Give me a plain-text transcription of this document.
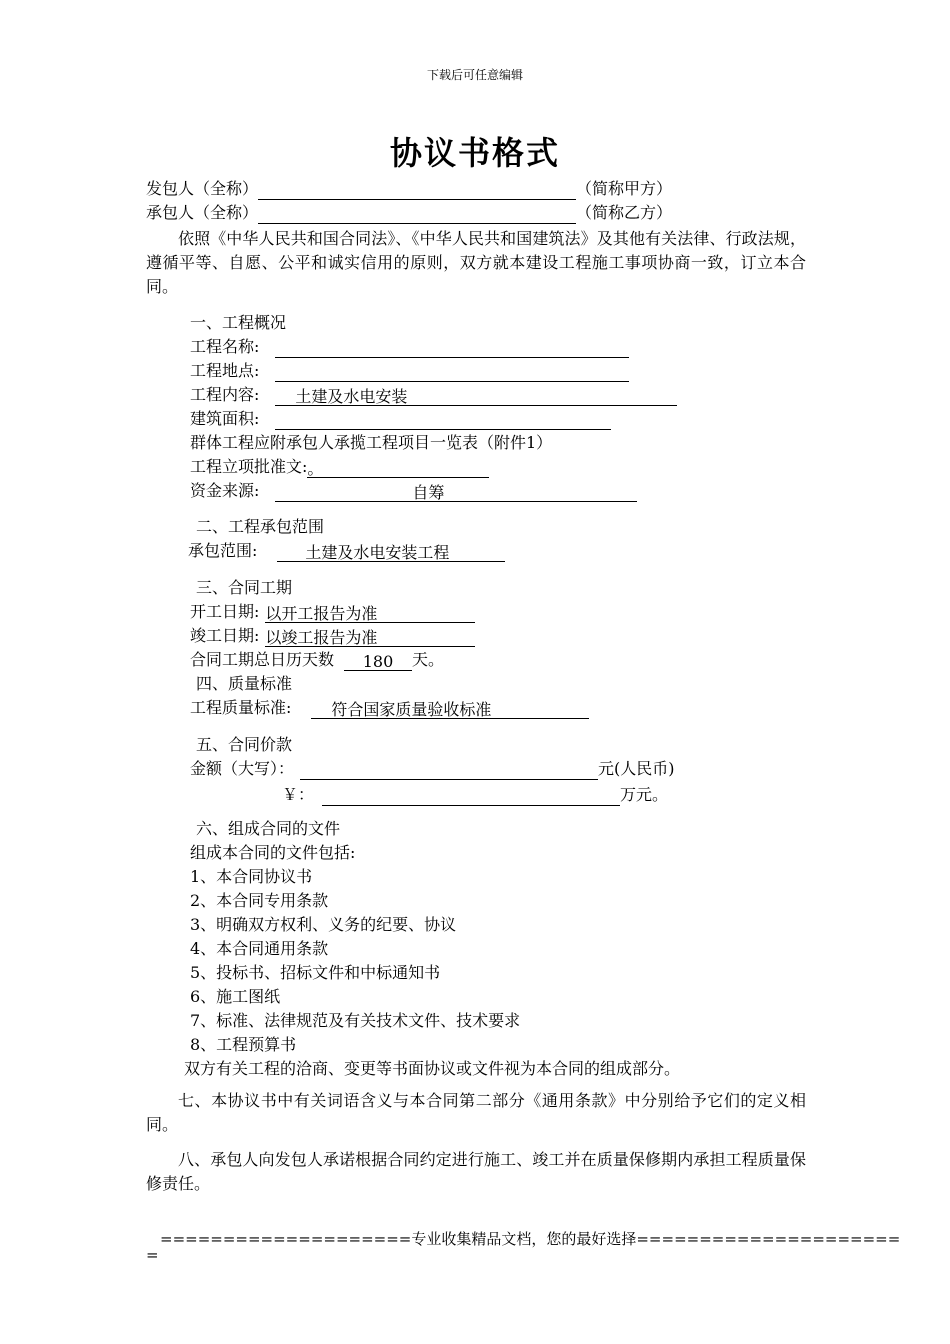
下载后可任意编辑
协议书格式
发包人（全称）	（简称甲方）
承包人（全称）	（简称乙方）
依照《中华人民共和国合同法》、《中华人民共和国建筑法》及其他有关法律、行政法规，遵循平等、自愿、公平和诚实信用的原则，双方就本建设工程施工事项协商一致，订立本合同。
一、工程概况
工程名称:
工程地点:
工程内容: 土建及水电安装
建筑面积:
群体工程应附承包人承揽工程项目一览表（附件1）
工程立项批准文:。
资金来源:	自筹
二、工程承包范围
承包范围:	土建及水电安装工程
三、合同工期
开工日期: 以开工报告为准
竣工日期: 以竣工报告为准
合同工期总日历天数 180 天。
四、质量标准
工程质量标准:	符合国家质量验收标准
五、合同价款
金额（大写）：	元(人民币)
￥：	万元。
六、组成合同的文件
组成本合同的文件包括:
1、本合同协议书
2、本合同专用条款
3、明确双方权利、义务的纪要、协议
4、本合同通用条款
5、投标书、招标文件和中标通知书
6、施工图纸
7、标准、法律规范及有关技术文件、技术要求
8、工程预算书
双方有关工程的洽商、变更等书面协议或文件视为本合同的组成部分。
七、本协议书中有关词语含义与本合同第二部分《通用条款》中分别给予它们的定义相同。
八、承包人向发包人承诺根据合同约定进行施工、竣工并在质量保修期内承担工程质量保修责任。
====================专业收集精品文档，您的最好选择=====================
=
